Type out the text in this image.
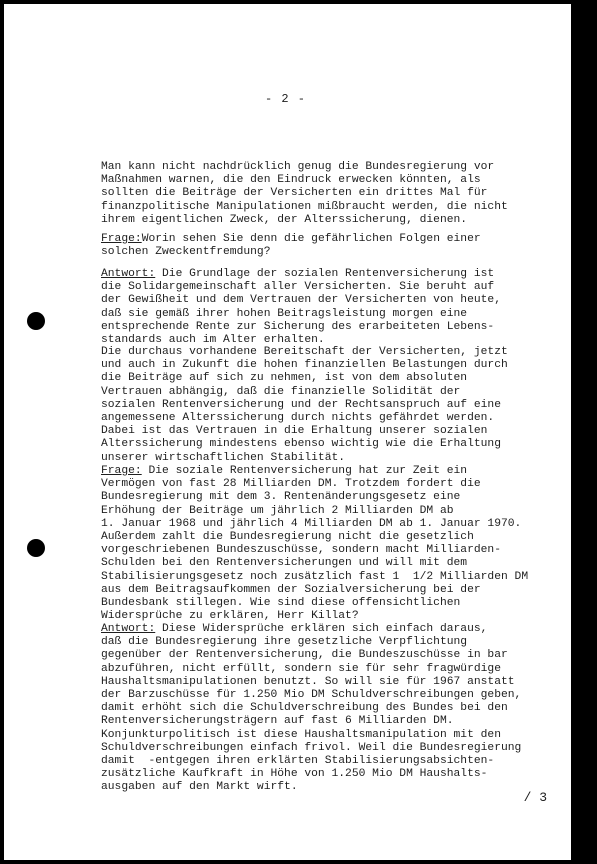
- 2 -

Man kann nicht nachdrücklich genug die Bundesregierung vor
Maßnahmen warnen, die den Eindruck erwecken könnten, als
sollten die Beiträge der Versicherten ein drittes Mal für
finanzpolitische Manipulationen mißbraucht werden, die nicht
ihrem eigentlichen Zweck, der Alterssicherung, dienen.

Frage:Worin sehen Sie denn die gefährlichen Folgen einer
solchen Zweckentfremdung?

Antwort: Die Grundlage der sozialen Rentenversicherung ist
die Solidargemeinschaft aller Versicherten. Sie beruht auf
der Gewißheit und dem Vertrauen der Versicherten von heute,
daß sie gemäß ihrer hohen Beitragsleistung morgen eine
entsprechende Rente zur Sicherung des erarbeiteten Lebens-
standards auch im Alter erhalten.

Die durchaus vorhandene Bereitschaft der Versicherten, jetzt
und auch in Zukunft die hohen finanziellen Belastungen durch
die Beiträge auf sich zu nehmen, ist von dem absoluten
Vertrauen abhängig, daß die finanzielle Solidität der
sozialen Rentenversicherung und der Rechtsanspruch auf eine
angemessene Alterssicherung durch nichts gefährdet werden.
Dabei ist das Vertrauen in die Erhaltung unserer sozialen
Alterssicherung mindestens ebenso wichtig wie die Erhaltung
unserer wirtschaftlichen Stabilität.

Frage: Die soziale Rentenversicherung hat zur Zeit ein
Vermögen von fast 28 Milliarden DM. Trotzdem fordert die
Bundesregierung mit dem 3. Rentenänderungsgesetz eine
Erhöhung der Beiträge um jährlich 2 Milliarden DM ab
1. Januar 1968 und jährlich 4 Milliarden DM ab 1. Januar 1970.
Außerdem zahlt die Bundesregierung nicht die gesetzlich
vorgeschriebenen Bundeszuschüsse, sondern macht Milliarden-
Schulden bei den Rentenversicherungen und will mit dem
Stabilisierungsgesetz noch zusätzlich fast 1  1/2 Milliarden DM
aus dem Beitragsaufkommen der Sozialversicherung bei der
Bundesbank stillegen. Wie sind diese offensichtlichen
Widersprüche zu erklären, Herr Killat?

Antwort: Diese Widersprüche erklären sich einfach daraus,
daß die Bundesregierung ihre gesetzliche Verpflichtung
gegenüber der Rentenversicherung, die Bundeszuschüsse in bar
abzuführen, nicht erfüllt, sondern sie für sehr fragwürdige
Haushaltsmanipulationen benutzt. So will sie für 1967 anstatt
der Barzuschüsse für 1.250 Mio DM Schuldverschreibungen geben,
damit erhöht sich die Schuldverschreibung des Bundes bei den
Rentenversicherungsträgern auf fast 6 Milliarden DM.
Konjunkturpolitisch ist diese Haushaltsmanipulation mit den
Schuldverschreibungen einfach frivol. Weil die Bundesregierung
damit  -entgegen ihren erklärten Stabilisierungsabsichten-
zusätzliche Kaufkraft in Höhe von 1.250 Mio DM Haushalts-
ausgaben auf den Markt wirft.

/ 3
